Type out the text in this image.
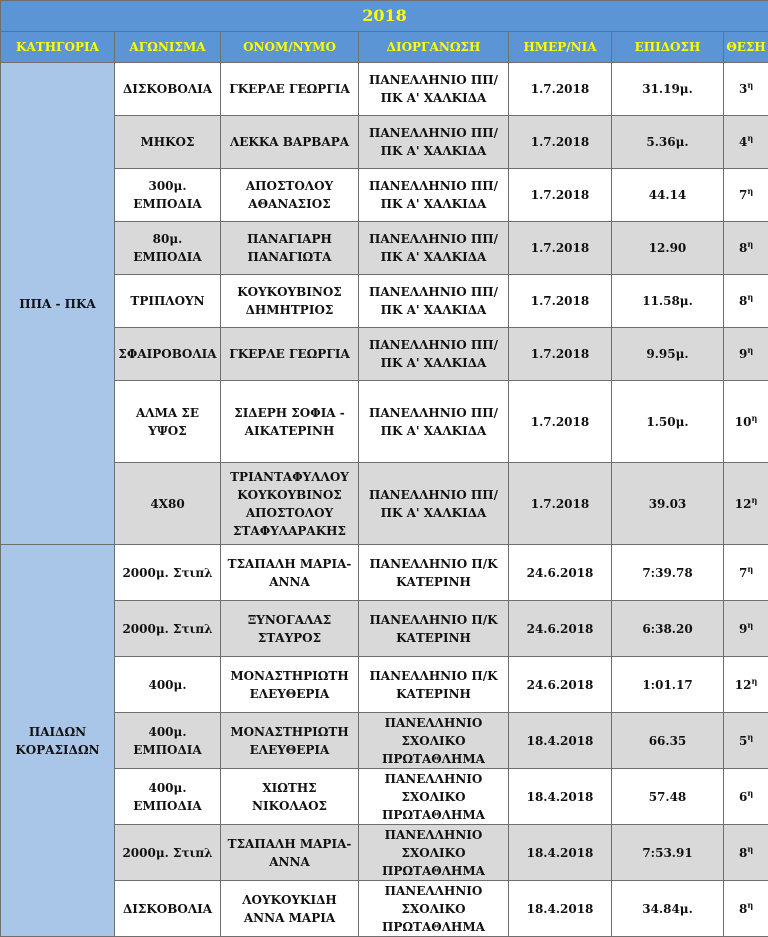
2018						
ΚΑΤΗΓΟΡΙΑ	ΑΓΩΝΙΣΜΑ	ΟΝΟΜ/ΝΥΜΟ	ΔΙΟΡΓΑΝΩΣΗ	ΗΜΕΡ/ΝΙΑ	ΕΠΙΔΟΣΗ	ΘΕΣΗ
ΠΠΑ - ΠΚΑ	ΔΙΣΚΟΒΟΛΙΑ	ΓΚΕΡΛΕ ΓΕΩΡΓΙΑ	ΠΑΝΕΛΛΗΝΙΟ ΠΠ/ΠΚ Α' ΧΑΛΚΙΔΑ	1.7.2018	31.19μ.	$3^\eta$
	ΜΗΚΟΣ	ΛΕΚΚΑ ΒΑΡΒΑΡΑ	ΠΑΝΕΛΛΗΝΙΟ ΠΠ/ΠΚ Α' ΧΑΛΚΙΔΑ	1.7.2018	5.36μ.	$4^\eta$
	300μ. ΕΜΠΟΔΙΑ	ΑΠΟΣΤΟΛΟΥ ΑΘΑΝΑΣΙΟΣ	ΠΑΝΕΛΛΗΝΙΟ ΠΠ/ΠΚ Α' ΧΑΛΚΙΔΑ	1.7.2018	44.14	$7^\eta$
	80μ. ΕΜΠΟΔΙΑ	ΠΑΝΑΓΙΑΡΗ ΠΑΝΑΓΙΩΤΑ	ΠΑΝΕΛΛΗΝΙΟ ΠΠ/ΠΚ Α' ΧΑΛΚΙΔΑ	1.7.2018	12.90	$8^\eta$
	ΤΡΙΠΛΟΥΝ	ΚΟΥΚΟΥΒΙΝΟΣ ΔΗΜΗΤΡΙΟΣ	ΠΑΝΕΛΛΗΝΙΟ ΠΠ/ΠΚ Α' ΧΑΛΚΙΔΑ	1.7.2018	11.58μ.	$8^\eta$
	ΣΦΑΙΡΟΒΟΛΙΑ	ΓΚΕΡΛΕ ΓΕΩΡΓΙΑ	ΠΑΝΕΛΛΗΝΙΟ ΠΠ/ΠΚ Α' ΧΑΛΚΙΔΑ	1.7.2018	9.95μ.	$9^\eta$
	ΑΛΜΑ ΣΕ ΥΨΟΣ	ΣΙΔΕΡΗ ΣΟΦΙΑ - ΑΙΚΑΤΕΡΙΝΗ	ΠΑΝΕΛΛΗΝΙΟ ΠΠ/ΠΚ Α' ΧΑΛΚΙΔΑ	1.7.2018	1.50μ.	$10^\eta$
	4Χ80	ΤΡΙΑΝΤΑΦΥΛΛΟΥ ΚΟΥΚΟΥΒΙΝΟΣ ΑΠΟΣΤΟΛΟΥ ΣΤΑΦΥΛΑΡΑΚΗΣ	ΠΑΝΕΛΛΗΝΙΟ ΠΠ/ΠΚ Α' ΧΑΛΚΙΔΑ	1.7.2018	39.03	$12^\eta$
ΠΑΙΔΩΝ ΚΟΡΑΣΙΔΩΝ	2000μ. Στιπλ	ΤΣΑΠΑΛΗ ΜΑΡΙΑ-ΑΝΝΑ	ΠΑΝΕΛΛΗΝΙΟ Π/Κ ΚΑΤΕΡΙΝΗ	24.6.2018	7:39.78	$7^\eta$
	2000μ. Στιπλ	ΞΥΝΟΓΑΛΑΣ ΣΤΑΥΡΟΣ	ΠΑΝΕΛΛΗΝΙΟ Π/Κ ΚΑΤΕΡΙΝΗ	24.6.2018	6:38.20	$9^\eta$
	400μ.	ΜΟΝΑΣΤΗΡΙΩΤΗ ΕΛΕΥΘΕΡΙΑ	ΠΑΝΕΛΛΗΝΙΟ Π/Κ ΚΑΤΕΡΙΝΗ	24.6.2018	1:01.17	$12^\eta$
	400μ. ΕΜΠΟΔΙΑ	ΜΟΝΑΣΤΗΡΙΩΤΗ ΕΛΕΥΘΕΡΙΑ	ΠΑΝΕΛΛΗΝΙΟ ΣΧΟΛΙΚΟ ΠΡΩΤΑΘΛΗΜΑ	18.4.2018	66.35	$5^\eta$
	400μ. ΕΜΠΟΔΙΑ	ΧΙΩΤΗΣ ΝΙΚΟΛΑΟΣ	ΠΑΝΕΛΛΗΝΙΟ ΣΧΟΛΙΚΟ ΠΡΩΤΑΘΛΗΜΑ	18.4.2018	57.48	$6^\eta$
	2000μ. Στιπλ	ΤΣΑΠΑΛΗ ΜΑΡΙΑ-ΑΝΝΑ	ΠΑΝΕΛΛΗΝΙΟ ΣΧΟΛΙΚΟ ΠΡΩΤΑΘΛΗΜΑ	18.4.2018	7:53.91	$8^\eta$
	ΔΙΣΚΟΒΟΛΙΑ	ΛΟΥΚΟΥΚΙΔΗ ΑΝΝΑ ΜΑΡΙΑ	ΠΑΝΕΛΛΗΝΙΟ ΣΧΟΛΙΚΟ ΠΡΩΤΑΘΛΗΜΑ	18.4.2018	34.84μ.	$8^\eta$
